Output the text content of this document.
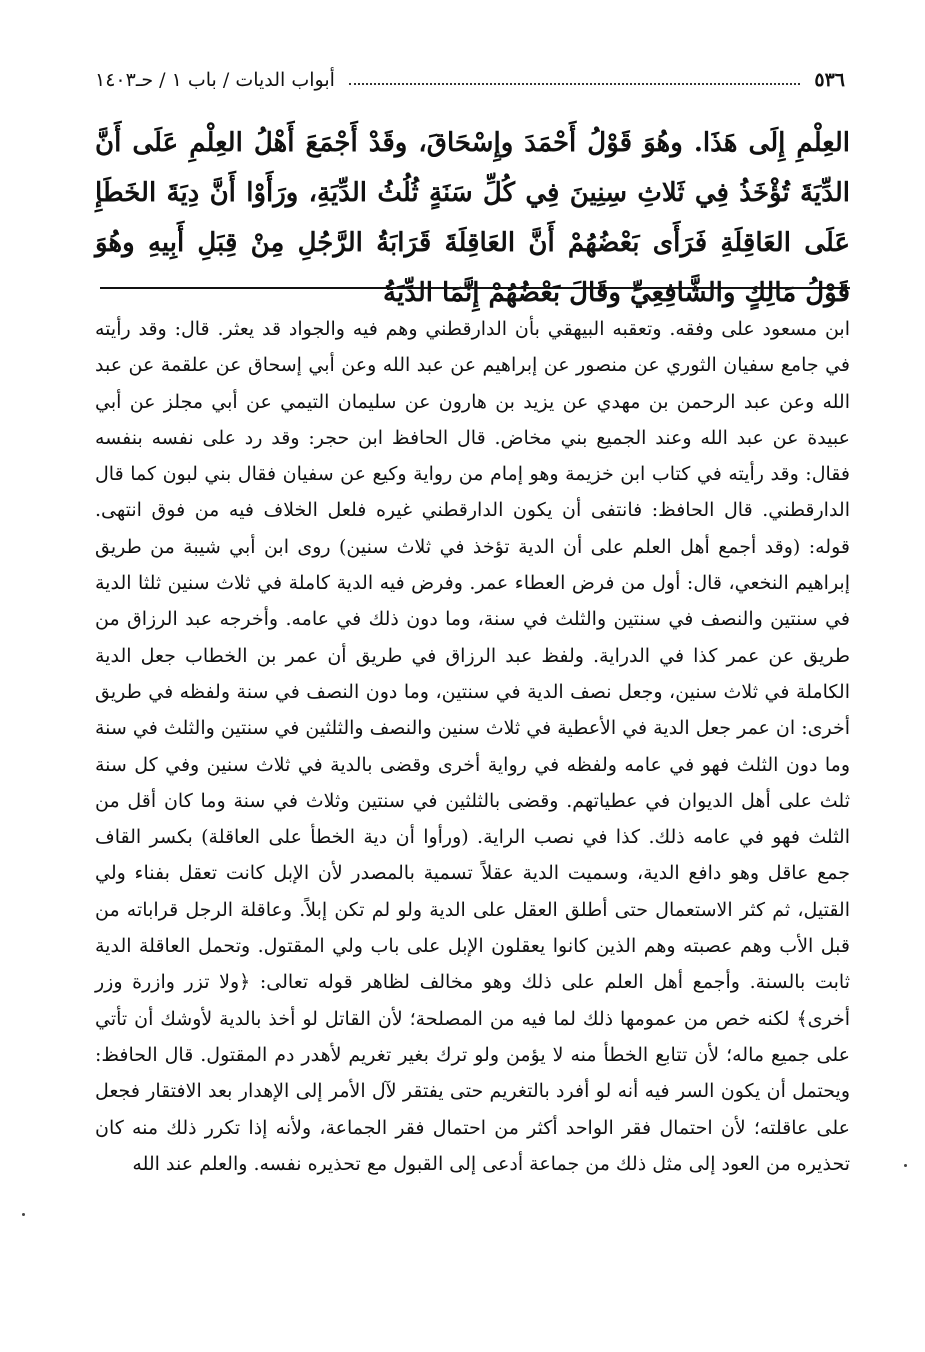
٥٣٦
أبواب الديات / باب ١ / حـ١٤٠٣

العِلْمِ إِلَى هَذَا. وهُوَ قَوْلُ أَحْمَدَ وإِسْحَاقَ، وقَدْ أَجْمَعَ أَهْلُ العِلْمِ عَلَى أَنَّ الدِّيَةَ تُؤْخَذُ فِي ثَلاثِ سِنِينَ فِي كُلِّ سَنَةٍ ثُلُثُ الدِّيَةِ، ورَأَوْا أَنَّ دِيَةَ الخَطَإِ عَلَى العَاقِلَةِ فَرَأَى بَعْضُهُمْ أَنَّ العَاقِلَةَ قَرَابَةُ الرَّجُلِ مِنْ قِبَلِ أَبِيهِ وهُوَ قَوْلُ مَالِكٍ والشَّافِعِيِّ وقَالَ بَعْضُهُمْ إِنَّمَا الدِّيَةُ

ابن مسعود على وفقه. وتعقبه البيهقي بأن الدارقطني وهم فيه والجواد قد يعثر. قال: وقد رأيته في جامع سفيان الثوري عن منصور عن إبراهيم عن عبد الله وعن أبي إسحاق عن علقمة عن عبد الله وعن عبد الرحمن بن مهدي عن يزيد بن هارون عن سليمان التيمي عن أبي مجلز عن أبي عبيدة عن عبد الله وعند الجميع بني مخاض. قال الحافظ ابن حجر: وقد رد على نفسه بنفسه فقال: وقد رأيته في كتاب ابن خزيمة وهو إمام من رواية وكيع عن سفيان فقال بني لبون كما قال الدارقطني. قال الحافظ: فانتفى أن يكون الدارقطني غيره فلعل الخلاف فيه من فوق انتهى. قوله: (وقد أجمع أهل العلم على أن الدية تؤخذ في ثلاث سنين) روى ابن أبي شيبة من طريق إبراهيم النخعي، قال: أول من فرض العطاء عمر. وفرض فيه الدية كاملة في ثلاث سنين ثلثا الدية في سنتين والنصف في سنتين والثلث في سنة، وما دون ذلك في عامه. وأخرجه عبد الرزاق من طريق عن عمر كذا في الدراية. ولفظ عبد الرزاق في طريق أن عمر بن الخطاب جعل الدية الكاملة في ثلاث سنين، وجعل نصف الدية في سنتين، وما دون النصف في سنة ولفظه في طريق أخرى: ان عمر جعل الدية في الأعطية في ثلاث سنين والنصف والثلثين في سنتين والثلث في سنة وما دون الثلث فهو في عامه ولفظه في رواية أخرى وقضى بالدية في ثلاث سنين وفي كل سنة ثلث على أهل الديوان في عطياتهم. وقضى بالثلثين في سنتين وثلاث في سنة وما كان أقل من الثلث فهو في عامه ذلك. كذا في نصب الراية. (ورأوا أن دية الخطأ على العاقلة) بكسر القاف جمع عاقل وهو دافع الدية، وسميت الدية عقلاً تسمية بالمصدر لأن الإبل كانت تعقل بفناء ولي القتيل، ثم كثر الاستعمال حتى أطلق العقل على الدية ولو لم تكن إبلاً. وعاقلة الرجل قراباته من قبل الأب وهم عصبته وهم الذين كانوا يعقلون الإبل على باب ولي المقتول. وتحمل العاقلة الدية ثابت بالسنة. وأجمع أهل العلم على ذلك وهو مخالف لظاهر قوله تعالى: ﴿ولا تزر وازرة وزر أخرى﴾ لكنه خص من عمومها ذلك لما فيه من المصلحة؛ لأن القاتل لو أخذ بالدية لأوشك أن تأتي على جميع ماله؛ لأن تتابع الخطأ منه لا يؤمن ولو ترك بغير تغريم لأهدر دم المقتول. قال الحافظ: ويحتمل أن يكون السر فيه أنه لو أفرد بالتغريم حتى يفتقر لآل الأمر إلى الإهدار بعد الافتقار فجعل على عاقلته؛ لأن احتمال فقر الواحد أكثر من احتمال فقر الجماعة، ولأنه إذا تكرر ذلك منه كان تحذيره من العود إلى مثل ذلك من جماعة أدعى إلى القبول مع تحذيره نفسه. والعلم عند الله
